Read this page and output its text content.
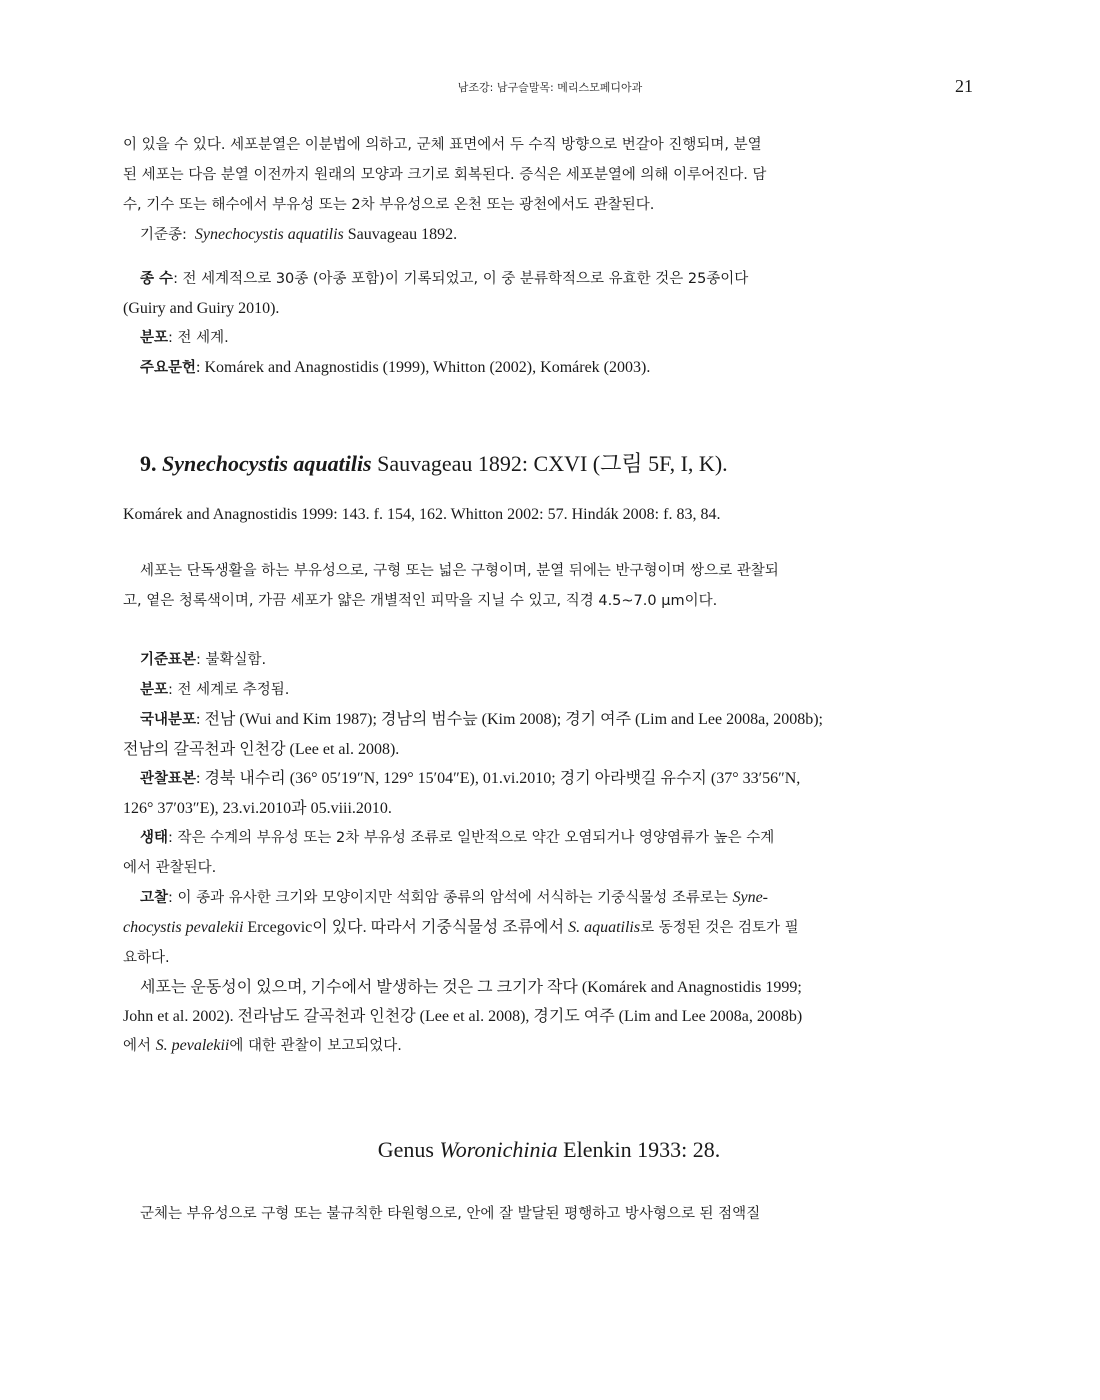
남조강: 남구슬말목: 메리스모페디아과	21

이 있을 수 있다. 세포분열은 이분법에 의하고, 군체 표면에서 두 수직 방향으로 번갈아 진행되며, 분열

된 세포는 다음 분열 이전까지 원래의 모양과 크기로 회복된다. 증식은 세포분열에 의해 이루어진다. 담

수, 기수 또는 해수에서 부유성 또는 2차 부유성으로 온천 또는 광천에서도 관찰된다.

기준종: Synechocystis aquatilis Sauvageau 1892.

종 수: 전 세계적으로 30종 (아종 포함)이 기록되었고, 이 중 분류학적으로 유효한 것은 25종이다

(Guiry and Guiry 2010).

분포: 전 세계.

주요문헌: Komárek and Anagnostidis (1999), Whitton (2002), Komárek (2003).

9. Synechocystis aquatilis Sauvageau 1892: CXVI (그림 5F, I, K).

Komárek and Anagnostidis 1999: 143. f. 154, 162. Whitton 2002: 57. Hindák 2008: f. 83, 84.

세포는 단독생활을 하는 부유성으로, 구형 또는 넓은 구형이며, 분열 뒤에는 반구형이며 쌍으로 관찰되

고, 옅은 청록색이며, 가끔 세포가 얇은 개별적인 피막을 지닐 수 있고, 직경 4.5~7.0 μm이다.

기준표본: 불확실함.

분포: 전 세계로 추정됨.

국내분포: 전남 (Wui and Kim 1987); 경남의 범수늪 (Kim 2008); 경기 여주 (Lim and Lee 2008a, 2008b);

전남의 갈곡천과 인천강 (Lee et al. 2008).

관찰표본: 경북 내수리 (36° 05′19″N, 129° 15′04″E), 01.vi.2010; 경기 아라뱃길 유수지 (37° 33′56″N,

126° 37′03″E), 23.vi.2010과 05.viii.2010.

생태: 작은 수계의 부유성 또는 2차 부유성 조류로 일반적으로 약간 오염되거나 영양염류가 높은 수계

에서 관찰된다.

고찰: 이 종과 유사한 크기와 모양이지만 석회암 종류의 암석에 서식하는 기중식물성 조류로는 Syne-

chocystis pevalekii Ercegovic이 있다. 따라서 기중식물성 조류에서 S. aquatilis로 동정된 것은 검토가 필

요하다.

세포는 운동성이 있으며, 기수에서 발생하는 것은 그 크기가 작다 (Komárek and Anagnostidis 1999;

John et al. 2002). 전라남도 갈곡천과 인천강 (Lee et al. 2008), 경기도 여주 (Lim and Lee 2008a, 2008b)

에서 S. pevalekii에 대한 관찰이 보고되었다.

Genus Woronichinia Elenkin 1933: 28.

군체는 부유성으로 구형 또는 불규칙한 타원형으로, 안에 잘 발달된 평행하고 방사형으로 된 점액질
